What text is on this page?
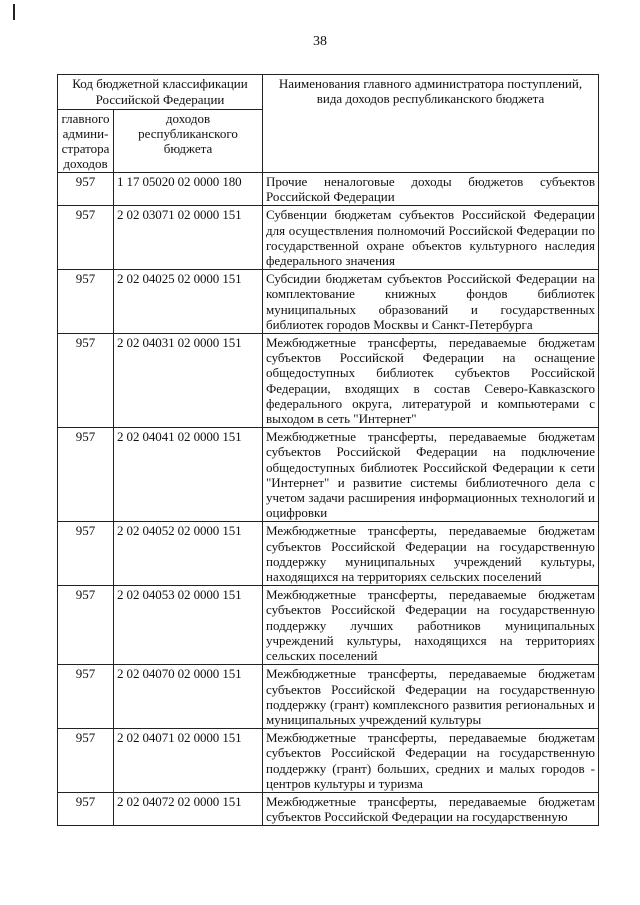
38
Код бюджетной классификации Российской Федерации		Наименования главного администратора поступлений, вида доходов республиканского бюджета
главного админи-стратора доходов	доходов республиканского бюджета	
957	1 17 05020 02 0000 180	Прочие неналоговые доходы бюджетов субъектов Российской Федерации
957	2 02 03071 02 0000 151	Субвенции бюджетам субъектов Российской Федерации для осуществления полномочий Российской Федерации по государственной охране объектов культурного наследия федерального значения
957	2 02 04025 02 0000 151	Субсидии бюджетам субъектов Российской Федерации на комплектование книжных фондов библиотек муниципальных образований и государственных библиотек городов Москвы и Санкт-Петербурга
957	2 02 04031 02 0000 151	Межбюджетные трансферты, передаваемые бюджетам субъектов Российской Федерации на оснащение общедоступных библиотек субъектов Российской Федерации, входящих в состав Северо-Кавказского федерального округа, литературой и компьютерами с выходом в сеть "Интернет"
957	2 02 04041 02 0000 151	Межбюджетные трансферты, передаваемые бюджетам субъектов Российской Федерации на подключение общедоступных библиотек Российской Федерации к сети "Интернет" и развитие системы библиотечного дела с учетом задачи расширения информационных технологий и оцифровки
957	2 02 04052 02 0000 151	Межбюджетные трансферты, передаваемые бюджетам субъектов Российской Федерации на государственную поддержку муниципальных учреждений культуры, находящихся на территориях сельских поселений
957	2 02 04053 02 0000 151	Межбюджетные трансферты, передаваемые бюджетам субъектов Российской Федерации на государственную поддержку лучших работников муниципальных учреждений культуры, находящихся на территориях сельских поселений
957	2 02 04070 02 0000 151	Межбюджетные трансферты, передаваемые бюджетам субъектов Российской Федерации на государственную поддержку (грант) комплексного развития региональных и муниципальных учреждений культуры
957	2 02 04071 02 0000 151	Межбюджетные трансферты, передаваемые бюджетам субъектов Российской Федерации на государственную поддержку (грант) больших, средних и малых городов - центров культуры и туризма
957	2 02 04072 02 0000 151	Межбюджетные трансферты, передаваемые бюджетам субъектов Российской Федерации на государственную
